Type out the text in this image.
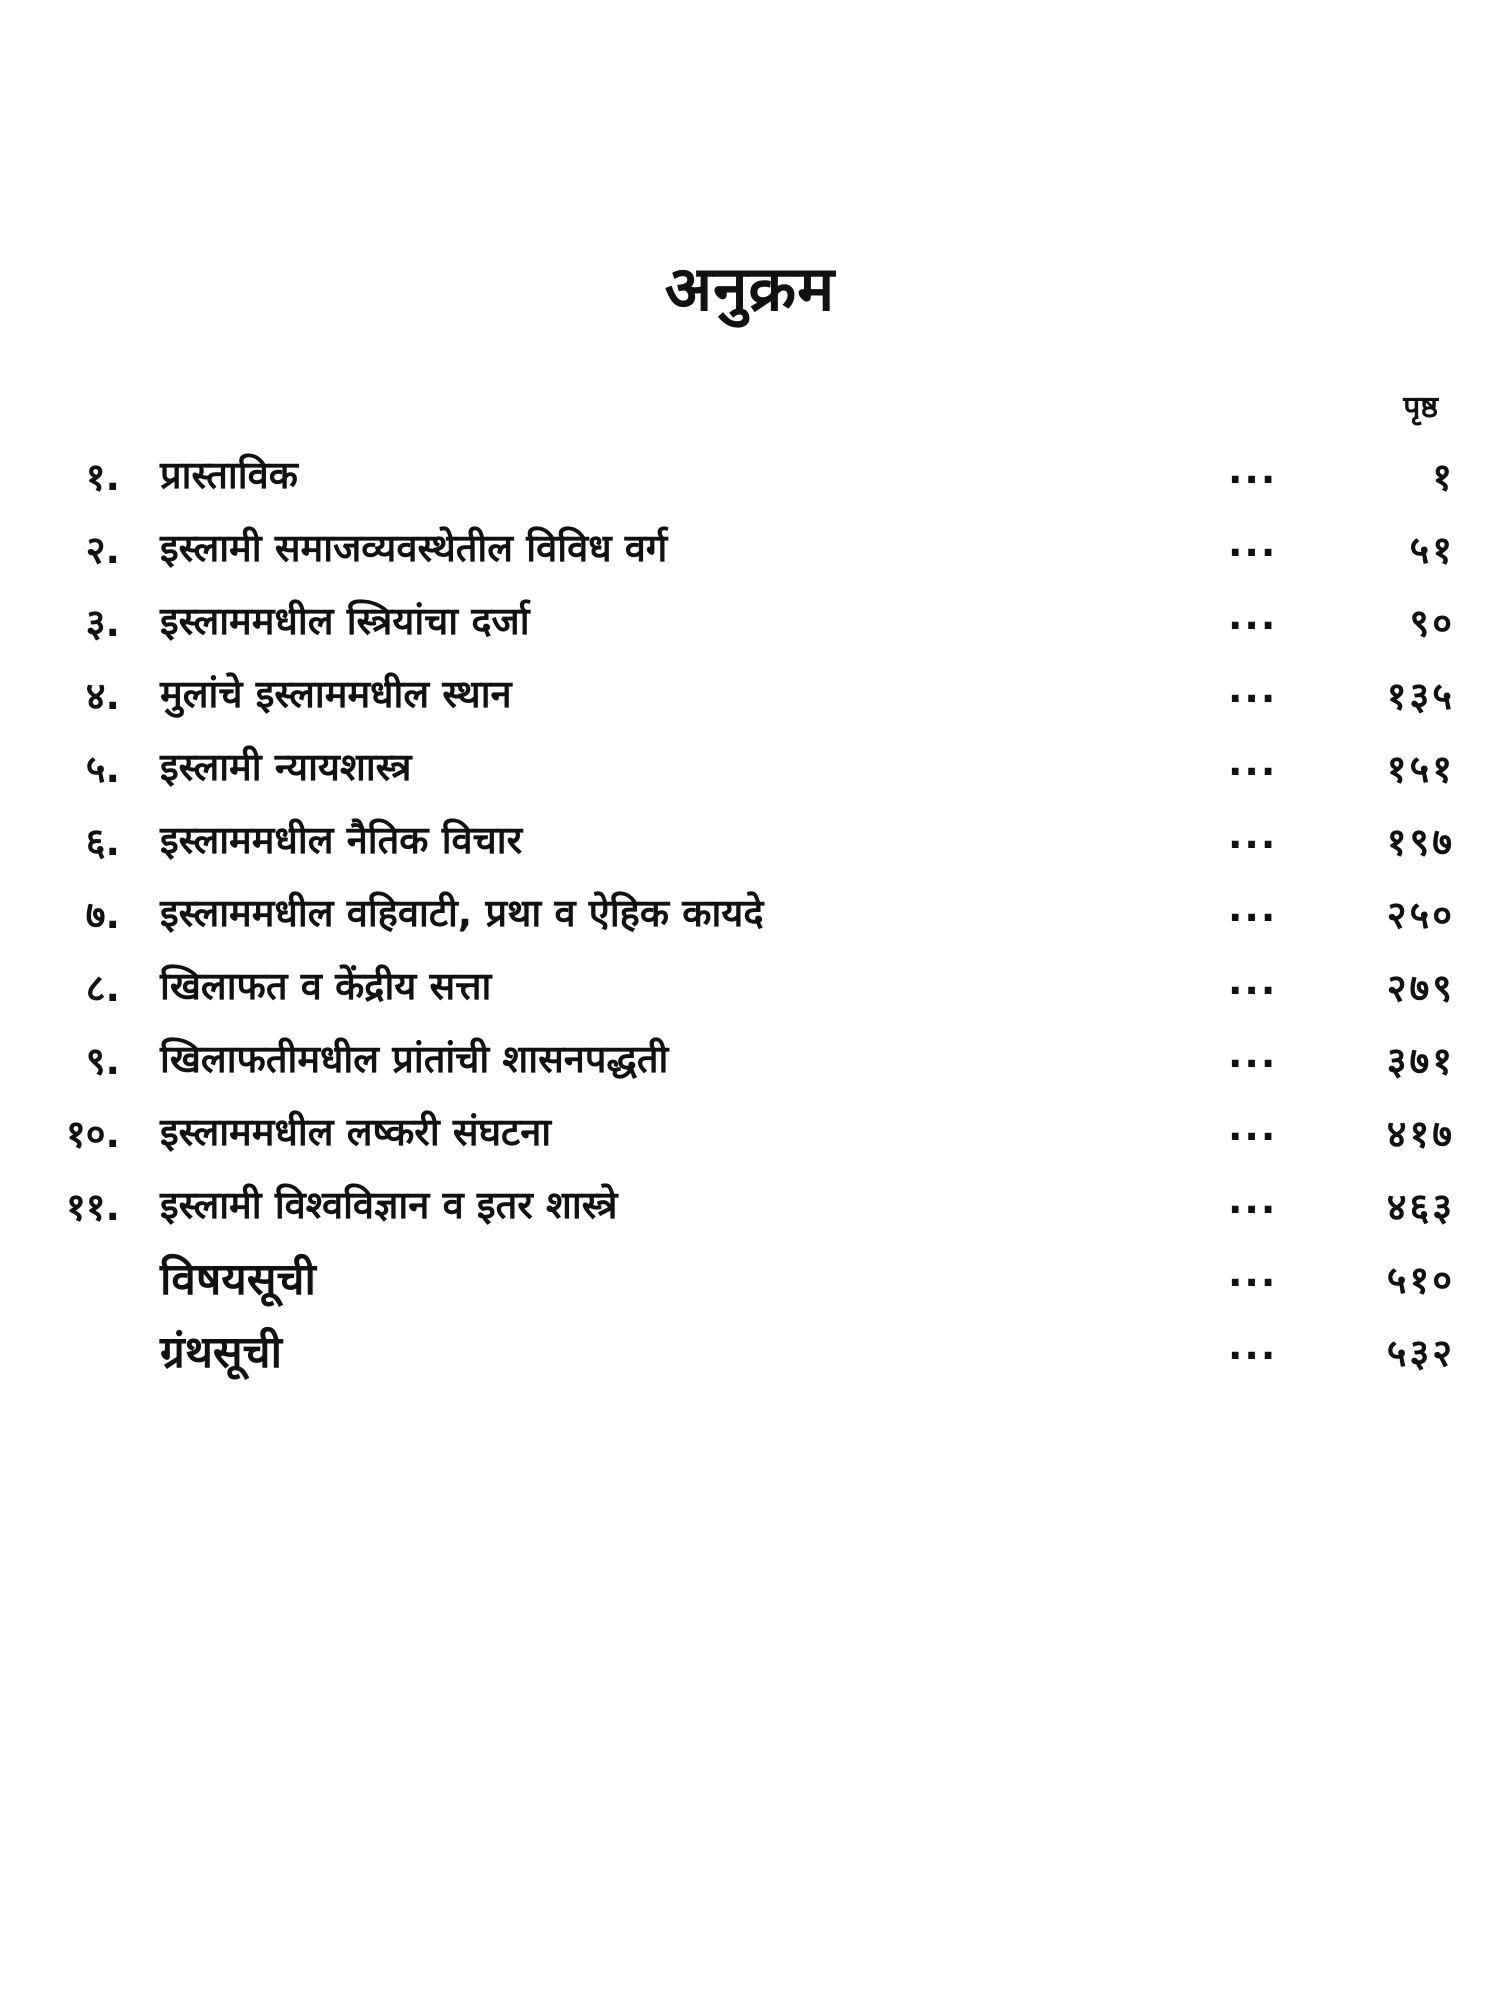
अनुक्रम
पृष्ठ
१. प्रास्ताविक	...	१
२. इस्लामी समाजव्यवस्थेतील विविध वर्ग	...	५१
३. इस्लाममधील स्त्रियांचा दर्जा	...	९०
४. मुलांचे इस्लाममधील स्थान	...	१३५
५. इस्लामी न्यायशास्त्र	...	१५१
६. इस्लाममधील नैतिक विचार	...	१९७
७. इस्लाममधील वहिवाटी, प्रथा व ऐहिक कायदे	...	२५०
८. खिलाफत व केंद्रीय सत्ता	...	२७९
९. खिलाफतीमधील प्रांतांची शासनपद्धती	...	३७१
१०. इस्लाममधील लष्करी संघटना	...	४१७
११. इस्लामी विश्वविज्ञान व इतर शास्त्रे	...	४६३
विषयसूची	...	५१०
ग्रंथसूची	...	५३२
